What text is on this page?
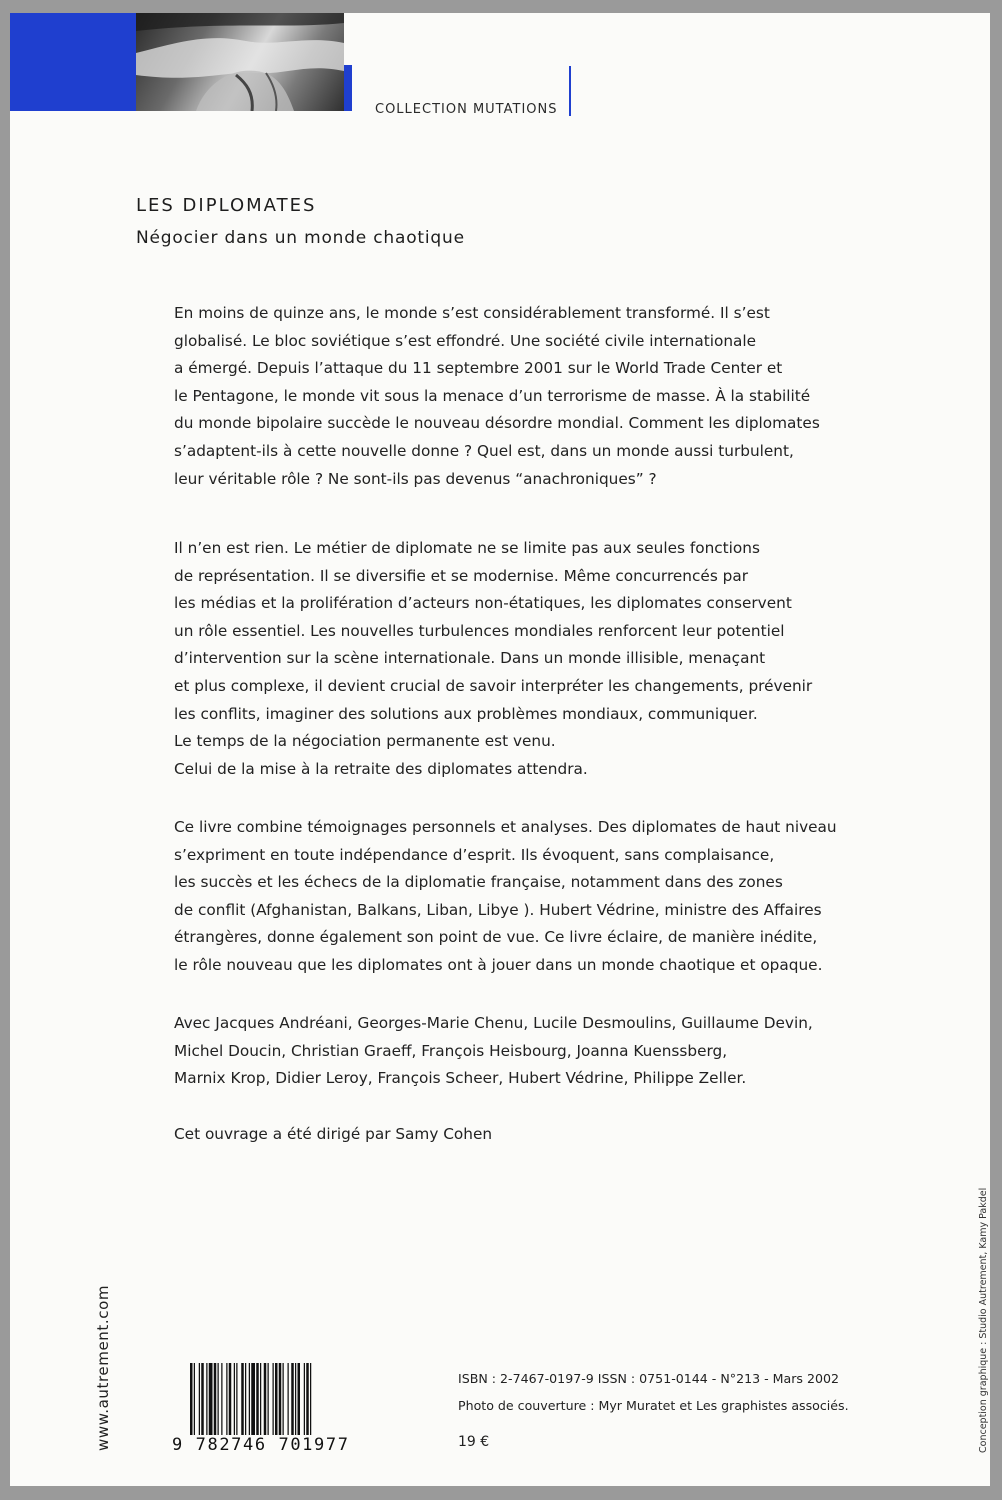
COLLECTION MUTATIONS
LES DIPLOMATES
Négocier dans un monde chaotique
En moins de quinze ans, le monde s’est considérablement transformé. Il s’est
globalisé. Le bloc soviétique s’est effondré. Une société civile internationale
a émergé. Depuis l’attaque du 11 septembre 2001 sur le World Trade Center et
le Pentagone, le monde vit sous la menace d’un terrorisme de masse. À la stabilité
du monde bipolaire succède le nouveau désordre mondial. Comment les diplomates
s’adaptent-ils à cette nouvelle donne ? Quel est, dans un monde aussi turbulent,
leur véritable rôle ? Ne sont-ils pas devenus “anachroniques” ?
Il n’en est rien. Le métier de diplomate ne se limite pas aux seules fonctions
de représentation. Il se diversifie et se modernise. Même concurrencés par
les médias et la prolifération d’acteurs non-étatiques, les diplomates conservent
un rôle essentiel. Les nouvelles turbulences mondiales renforcent leur potentiel
d’intervention sur la scène internationale. Dans un monde illisible, menaçant
et plus complexe, il devient crucial de savoir interpréter les changements, prévenir
les conflits, imaginer des solutions aux problèmes mondiaux, communiquer.
Le temps de la négociation permanente est venu.
Celui de la mise à la retraite des diplomates attendra.
Ce livre combine témoignages personnels et analyses. Des diplomates de haut niveau
s’expriment en toute indépendance d’esprit. Ils évoquent, sans complaisance,
les succès et les échecs de la diplomatie française, notamment dans des zones
de conflit (Afghanistan, Balkans, Liban, Libye ). Hubert Védrine, ministre des Affaires
étrangères, donne également son point de vue. Ce livre éclaire, de manière inédite,
le rôle nouveau que les diplomates ont à jouer dans un monde chaotique et opaque.
Avec Jacques Andréani, Georges-Marie Chenu, Lucile Desmoulins, Guillaume Devin,
Michel Doucin, Christian Graeff, François Heisbourg, Joanna Kuenssberg,
Marnix Krop, Didier Leroy, François Scheer, Hubert Védrine, Philippe Zeller.
Cet ouvrage a été dirigé par Samy Cohen
www.autrement.com	Conception graphique : Studio Autrement, Kamy Pakdel
9 782746 701977
ISBN : 2-7467-0197-9 ISSN : 0751-0144 - N°213 - Mars 2002
Photo de couverture : Myr Muratet et Les graphistes associés.
19 €
